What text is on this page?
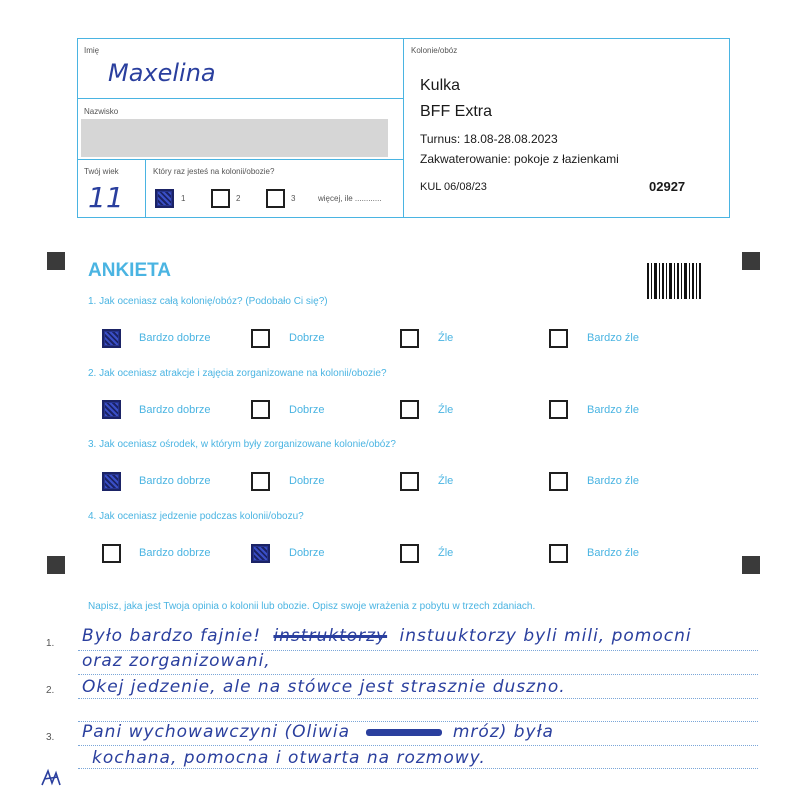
Imię
Maxelina
Nazwisko
Twój wiek
11
Który raz jesteś na kolonii/obozie?
1	2	3	więcej, ile ............
Kolonie/obóz
Kulka
BFF Extra
Turnus: 18.08-28.08.2023
Zakwaterowanie: pokoje z łazienkami
KUL 06/08/23	02927
ANKIETA
1. Jak oceniasz całą kolonię/obóz? (Podobało Ci się?)
Bardzo dobrze	Dobrze	Źle	Bardzo źle
2. Jak oceniasz atrakcje i zajęcia zorganizowane na kolonii/obozie?
Bardzo dobrze	Dobrze	Źle	Bardzo źle
3. Jak oceniasz ośrodek, w którym były zorganizowane kolonie/obóz?
Bardzo dobrze	Dobrze	Źle	Bardzo źle
4. Jak oceniasz jedzenie podczas kolonii/obozu?
Bardzo dobrze	Dobrze	Źle	Bardzo źle
Napisz, jaka jest Twoja opinia o kolonii lub obozie. Opisz swoje wrażenia z pobytu w trzech zdaniach.
1.
2.
3.
Było bardzo fajnie! instruktorzy instuuktorzy byli mili, pomocni
oraz zorganizowani,
Okej jedzenie, ale na stówce jest strasznie duszno.
Pani wychowawczyni (Oliwia	mróz) była
kochana, pomocna i otwarta na rozmowy.
